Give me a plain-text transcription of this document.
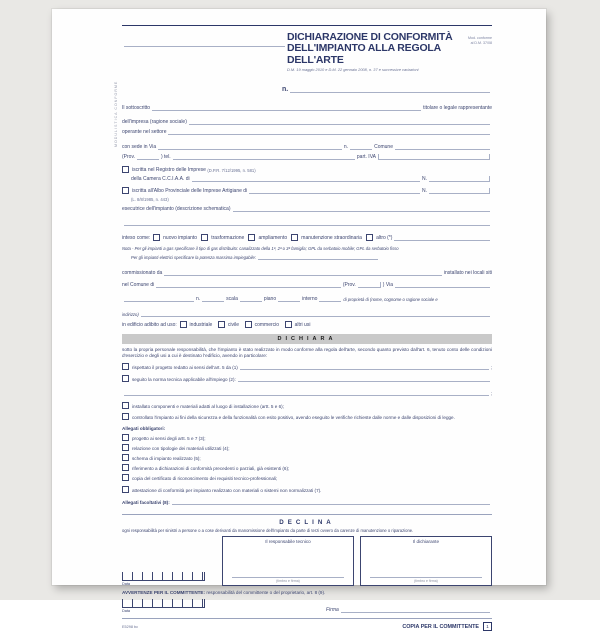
MODULISTICA CONFORME
DICHIARAZIONE DI CONFORMITÀ
DELL'IMPIANTO ALLA REGOLA DELL'ARTE
D.M. 19 maggio 2010 e D.M. 22 gennaio 2008, n. 37 e successive variazioni
Mod. conforme
al D.M. 37/08
n.
Il sottoscritto	titolare o legale rappresentante
dell'impresa (ragione sociale)
operante nel settore
con sede in Via	n.	Comune
(Prov.	) tel.	part. IVA
iscritta nel Registro delle Imprese
(D.P.R. 7/12/1995, n. 581)
della Camera C.C.I.A.A. di	N.
iscritta all'Albo Provinciale delle Imprese Artigiane di	N.
(L. 8/8/1985, n. 443)
esecutrice dell'impianto (descrizione schematica)
inteso come:
	nuovo impianto
	trasformazione
	ampliamento
	manutenzione straordinaria
	altro (*)
Nota - Per gli impianti a gas specificare il tipo di gas distribuito: canalizzato della 1ª, 2ª o 3ª famiglia; GPL da serbatoio mobile; GPL da serbatoio fisso
Per gli impianti elettrici specificare la potenza massima impiegabile:
commissionato da	installato nei locali siti
nel Comune di	(Prov.	) Via
n.	scala	piano	interno	di proprietà di (nome, cognome o ragione sociale e
indirizzo)
in edificio adibito ad uso:
	industriale
	civile
	commercio
	altri usi
DICHIARA
sotto la propria personale responsabilità, che l'impianto è stato realizzato in modo conforme alla regola dell'arte, secondo quanto previsto dall'art. 6, tenuto conto delle condizioni d'esercizio e degli usi a cui è destinato l'edificio, avendo in particolare:
rispettato il progetto redatto ai sensi dell'art. 5 da (1)	;
seguito la norma tecnica applicabile all'impiego (2):
;
installato componenti e materiali adatti al luogo di installazione (artt. 5 e 6);
controllato l'impianto ai fini della sicurezza e della funzionalità con esito positivo, avendo eseguito le verifiche richieste dalle norme e dalle disposizioni di legge.
Allegati obbligatori:
progetto ai sensi degli artt. 5 e 7 (3);
relazione con tipologie dei materiali utilizzati (4);
schema di impianto realizzato (5);
riferimento a dichiarazioni di conformità precedenti o parziali, già esistenti (6);
copia del certificato di riconoscimento dei requisiti tecnico-professionali;
attestazione di conformità per impianto realizzato con materiali o sistemi non normalizzati (7).
Allegati facoltativi (8):
DECLINA
ogni responsabilità per sinistri a persone o a cose derivanti da manomissione dell'impianto da parte di terzi ovvero da carenze di manutenzione o riparazione.
Data
Il responsabile tecnico
(timbro e firma)
Il dichiarante
(timbro e firma)
AVVERTENZE PER IL COMMITTENTE:
responsabilità del committente o del proprietario, art. 8 (9).
Data	Firma
E5298 bc	COPIA PER IL COMMITTENTE	1
